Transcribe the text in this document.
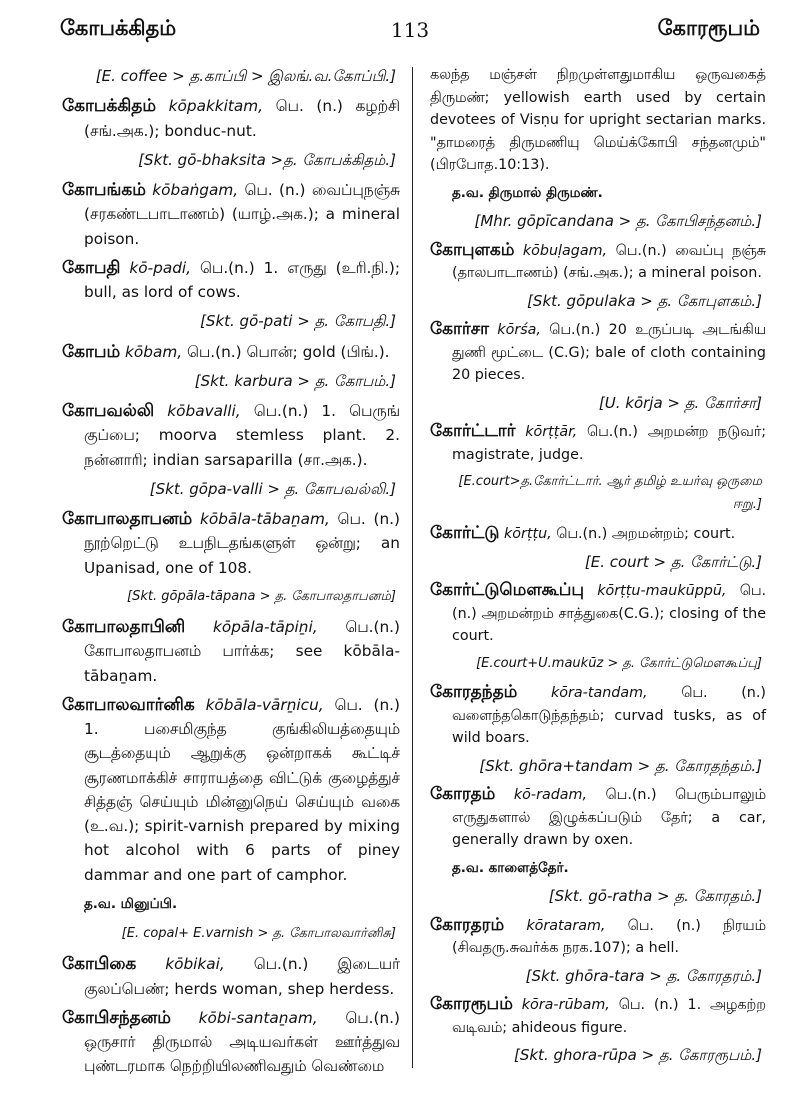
கோபக்கிதம்	113	கோரரூபம்
[E. coffee > த.காப்பி > இலங்.வ.கோப்பி.]
கோபக்கிதம் kōpakkitam, பெ. (n.) கழற்சி (சங்.அக.); bonduc-nut.
[Skt. gō-bhaksita >த. கோபக்கிதம்.]
கோபங்கம் kōbaṅgam, பெ. (n.) வைப்புநஞ்சு (சரகண்டபாடாணம்) (யாழ்.அக.); a mineral poison.
கோபதி kō-padi, பெ.(n.) 1. எருது (உரி.நி.); bull, as lord of cows.
[Skt. gō-pati > த. கோபதி.]
கோபம் kōbam, பெ.(n.) பொன்; gold (பிங்.).
[Skt. karbura > த. கோபம்.]
கோபவல்லி kōbavalli, பெ.(n.) 1. பெருங் குப்பை; moorva stemless plant. 2. நன்னாரி; indian sarsaparilla (சா.அக.).
[Skt. gōpa-valli > த. கோபவல்லி.]
கோபாலதாபனம் kōbāla-tābaṉam, பெ. (n.) நூற்றெட்டு உபநிடதங்களுள் ஒன்று; an Upanisad, one of 108.
[Skt. gōpāla-tāpana > த. கோபாலதாபனம்]
கோபாலதாபினி kōpāla-tāpiṉi, பெ.(n.) கோபாலதாபனம் பார்க்க; see kōbāla-tābaṉam.
கோபாலவார்னிக kōbāla-vārṉicu, பெ. (n.) 1. பசைமிகுந்த குங்கிலியத்தையும் சூடத்தையும் ஆறுக்கு ஒன்றாகக் கூட்டிச் சூரணமாக்கிச் சாராயத்தை விட்டுக் குழைத்துச் சித்தஞ் செய்யும் மின்னுநெய் செய்யும் வகை (உ.வ.); spirit-varnish prepared by mixing hot alcohol with 6 parts of piney dammar and one part of camphor.
த.வ. மினுப்பி.
[E. copal+ E.varnish > த. கோபாலவார்னிசு]
கோபிகை kōbikai, பெ.(n.) இடையர் குலப்பெண்; herds woman, shep herdess.
கோபிசந்தனம் kōbi-santaṉam, பெ.(n.) ஒருசார் திருமால் அடியவர்கள் ஊர்த்துவ புண்டரமாக நெற்றியிலணிவதும் வெண்மை
கலந்த மஞ்சள் நிறமுள்ளதுமாகிய ஒருவகைத் திருமண்; yellowish earth used by certain devotees of Visṇu for upright sectarian marks. "தாமரைத் திருமணியு மெய்க்கோபி சந்தனமும்" (பிரபோத.10:13).
த.வ. திருமால் திருமண்.
[Mhr. gōpīcandana > த. கோபிசந்தனம்.]
கோபுளகம் kōbuḷagam, பெ.(n.) வைப்பு நஞ்சு (தாலபாடாணம்) (சங்.அக.); a mineral poison.
[Skt. gōpulaka > த. கோபுளகம்.]
கோர்சா kōrśa, பெ.(n.) 20 உருப்படி அடங்கிய துணி மூட்டை (C.G); bale of cloth containing 20 pieces.
[U. kōrja > த. கோர்சா]
கோர்ட்டார் kōrṭṭār, பெ.(n.) அறமன்ற நடுவர்; magistrate, judge.
[E.court>த.கோர்ட்டார். ஆர் தமிழ் உயர்வு ஒருமை ஈறு.]
கோர்ட்டு kōrṭṭu, பெ.(n.) அறமன்றம்; court.
[E. court > த. கோர்ட்டு.]
கோர்ட்டுமௌகூப்பு kōrṭṭu-maukūppū, பெ.(n.) அறமன்றம் சாத்துகை(C.G.); closing of the court.
[E.court+U.maukūz > த. கோர்ட்டுமௌகூப்பு]
கோரதந்தம் kōra-tandam, பெ. (n.) வளைந்தகொடுந்தந்தம்; curvad tusks, as of wild boars.
[Skt. ghōra+tandam > த. கோரதந்தம்.]
கோரதம் kō-radam, பெ.(n.) பெரும்பாலும் எருதுகளால் இழுக்கப்படும் தேர்; a car, generally drawn by oxen.
த.வ. காளைத்தேர்.
[Skt. gō-ratha > த. கோரதம்.]
கோரதரம் kōrataram, பெ. (n.) நிரயம் (சிவதரு.சுவர்க்க நரக.107); a hell.
[Skt. ghōra-tara > த. கோரதரம்.]
கோரரூபம் kōra-rūbam, பெ. (n.) 1. அழகற்ற வடிவம்; ahideous figure.
[Skt. ghora-rūpa > த. கோரரூபம்.]
